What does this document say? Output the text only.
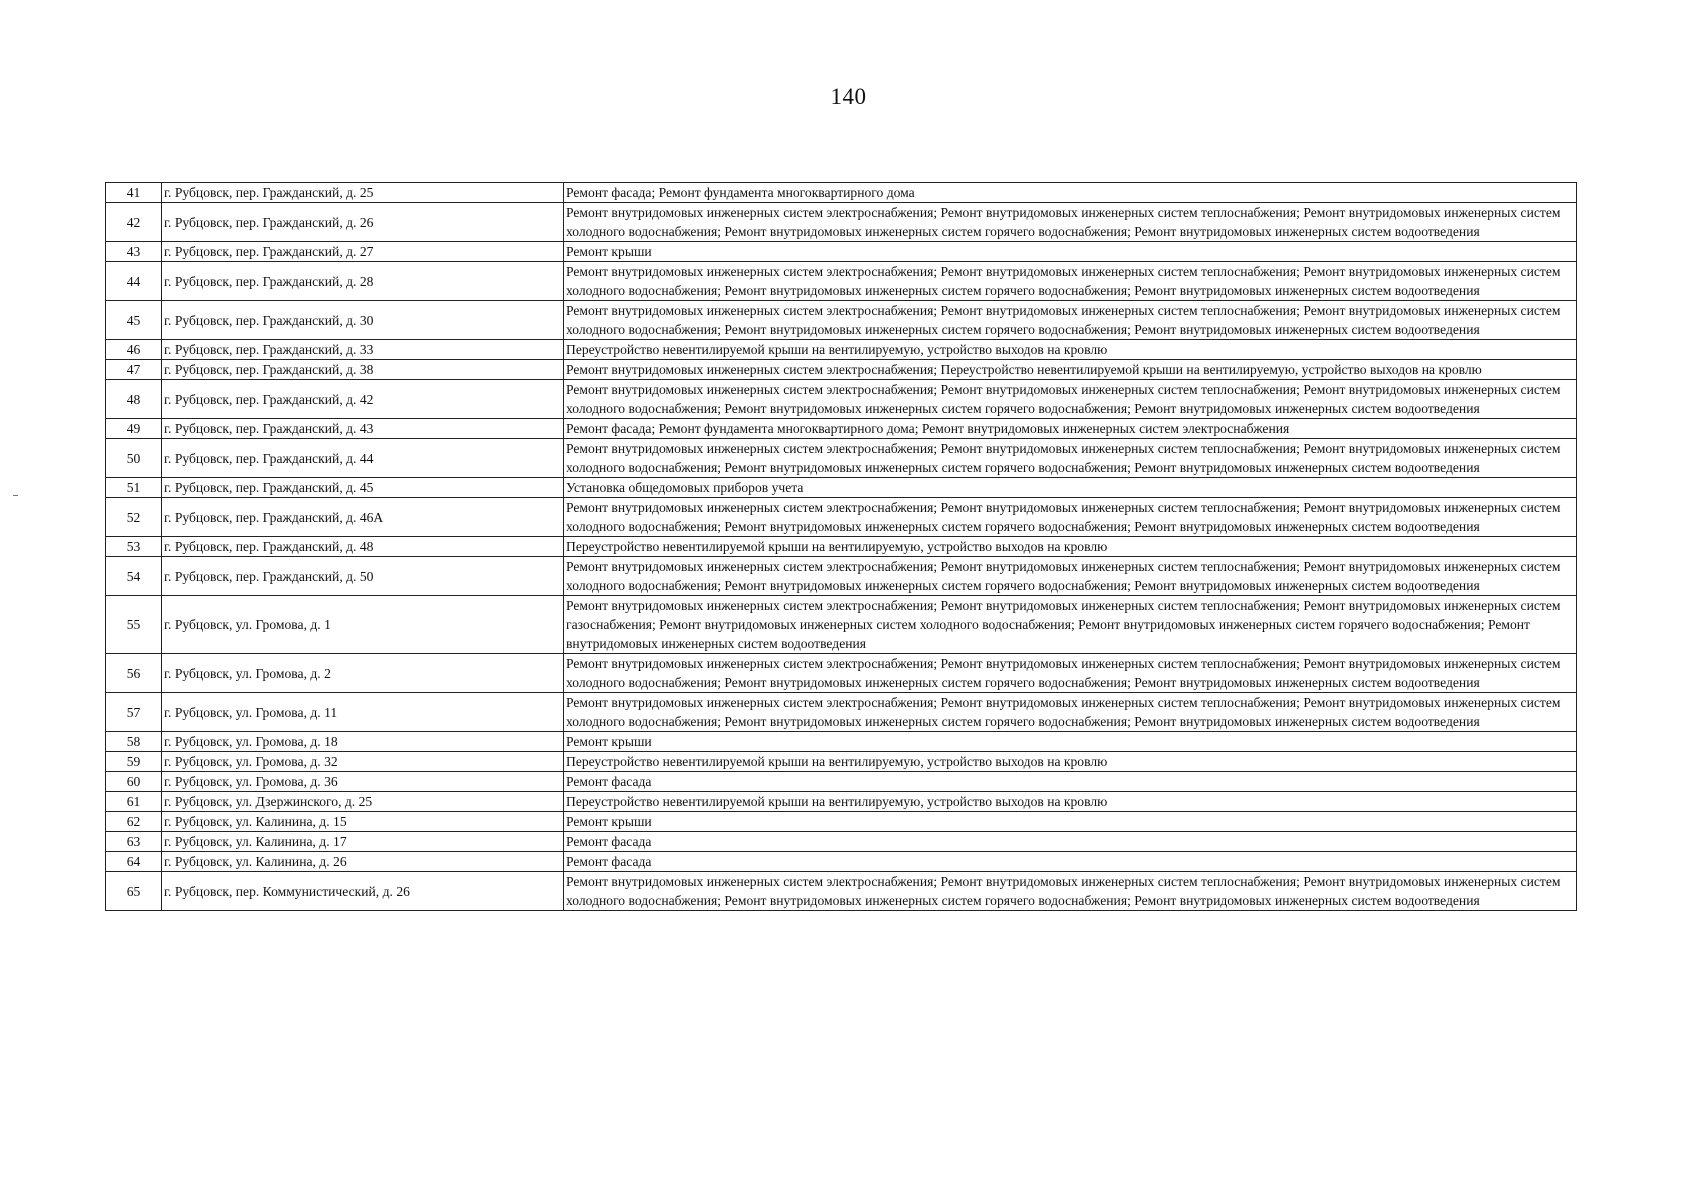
140
41	г. Рубцовск, пер. Гражданский, д. 25	Ремонт фасада; Ремонт фундамента многоквартирного дома
42	г. Рубцовск, пер. Гражданский, д. 26	Ремонт внутридомовых инженерных систем электроснабжения; Ремонт внутридомовых инженерных систем теплоснабжения; Ремонт внутридомовых инженерных систем холодного водоснабжения; Ремонт внутридомовых инженерных систем горячего водоснабжения; Ремонт внутридомовых инженерных систем водоотведения
43	г. Рубцовск, пер. Гражданский, д. 27	Ремонт крыши
44	г. Рубцовск, пер. Гражданский, д. 28	Ремонт внутридомовых инженерных систем электроснабжения; Ремонт внутридомовых инженерных систем теплоснабжения; Ремонт внутридомовых инженерных систем холодного водоснабжения; Ремонт внутридомовых инженерных систем горячего водоснабжения; Ремонт внутридомовых инженерных систем водоотведения
45	г. Рубцовск, пер. Гражданский, д. 30	Ремонт внутридомовых инженерных систем электроснабжения; Ремонт внутридомовых инженерных систем теплоснабжения; Ремонт внутридомовых инженерных систем холодного водоснабжения; Ремонт внутридомовых инженерных систем горячего водоснабжения; Ремонт внутридомовых инженерных систем водоотведения
46	г. Рубцовск, пер. Гражданский, д. 33	Переустройство невентилируемой крыши на вентилируемую, устройство выходов на кровлю
47	г. Рубцовск, пер. Гражданский, д. 38	Ремонт внутридомовых инженерных систем электроснабжения; Переустройство невентилируемой крыши на вентилируемую, устройство выходов на кровлю
48	г. Рубцовск, пер. Гражданский, д. 42	Ремонт внутридомовых инженерных систем электроснабжения; Ремонт внутридомовых инженерных систем теплоснабжения; Ремонт внутридомовых инженерных систем холодного водоснабжения; Ремонт внутридомовых инженерных систем горячего водоснабжения; Ремонт внутридомовых инженерных систем водоотведения
49	г. Рубцовск, пер. Гражданский, д. 43	Ремонт фасада; Ремонт фундамента многоквартирного дома; Ремонт внутридомовых инженерных систем электроснабжения
50	г. Рубцовск, пер. Гражданский, д. 44	Ремонт внутридомовых инженерных систем электроснабжения; Ремонт внутридомовых инженерных систем теплоснабжения; Ремонт внутридомовых инженерных систем холодного водоснабжения; Ремонт внутридомовых инженерных систем горячего водоснабжения; Ремонт внутридомовых инженерных систем водоотведения
51	г. Рубцовск, пер. Гражданский, д. 45	Установка общедомовых приборов учета
52	г. Рубцовск, пер. Гражданский, д. 46А	Ремонт внутридомовых инженерных систем электроснабжения; Ремонт внутридомовых инженерных систем теплоснабжения; Ремонт внутридомовых инженерных систем холодного водоснабжения; Ремонт внутридомовых инженерных систем горячего водоснабжения; Ремонт внутридомовых инженерных систем водоотведения
53	г. Рубцовск, пер. Гражданский, д. 48	Переустройство невентилируемой крыши на вентилируемую, устройство выходов на кровлю
54	г. Рубцовск, пер. Гражданский, д. 50	Ремонт внутридомовых инженерных систем электроснабжения; Ремонт внутридомовых инженерных систем теплоснабжения; Ремонт внутридомовых инженерных систем холодного водоснабжения; Ремонт внутридомовых инженерных систем горячего водоснабжения; Ремонт внутридомовых инженерных систем водоотведения
55	г. Рубцовск, ул. Громова, д. 1	Ремонт внутридомовых инженерных систем электроснабжения; Ремонт внутридомовых инженерных систем теплоснабжения; Ремонт внутридомовых инженерных систем газоснабжения; Ремонт внутридомовых инженерных систем холодного водоснабжения; Ремонт внутридомовых инженерных систем горячего водоснабжения; Ремонт внутридомовых инженерных систем водоотведения
56	г. Рубцовск, ул. Громова, д. 2	Ремонт внутридомовых инженерных систем электроснабжения; Ремонт внутридомовых инженерных систем теплоснабжения; Ремонт внутридомовых инженерных систем холодного водоснабжения; Ремонт внутридомовых инженерных систем горячего водоснабжения; Ремонт внутридомовых инженерных систем водоотведения
57	г. Рубцовск, ул. Громова, д. 11	Ремонт внутридомовых инженерных систем электроснабжения; Ремонт внутридомовых инженерных систем теплоснабжения; Ремонт внутридомовых инженерных систем холодного водоснабжения; Ремонт внутридомовых инженерных систем горячего водоснабжения; Ремонт внутридомовых инженерных систем водоотведения
58	г. Рубцовск, ул. Громова, д. 18	Ремонт крыши
59	г. Рубцовск, ул. Громова, д. 32	Переустройство невентилируемой крыши на вентилируемую, устройство выходов на кровлю
60	г. Рубцовск, ул. Громова, д. 36	Ремонт фасада
61	г. Рубцовск, ул. Дзержинского, д. 25	Переустройство невентилируемой крыши на вентилируемую, устройство выходов на кровлю
62	г. Рубцовск, ул. Калинина, д. 15	Ремонт крыши
63	г. Рубцовск, ул. Калинина, д. 17	Ремонт фасада
64	г. Рубцовск, ул. Калинина, д. 26	Ремонт фасада
65	г. Рубцовск, пер. Коммунистический, д. 26	Ремонт внутридомовых инженерных систем электроснабжения; Ремонт внутридомовых инженерных систем теплоснабжения; Ремонт внутридомовых инженерных систем холодного водоснабжения; Ремонт внутридомовых инженерных систем горячего водоснабжения; Ремонт внутридомовых инженерных систем водоотведения
